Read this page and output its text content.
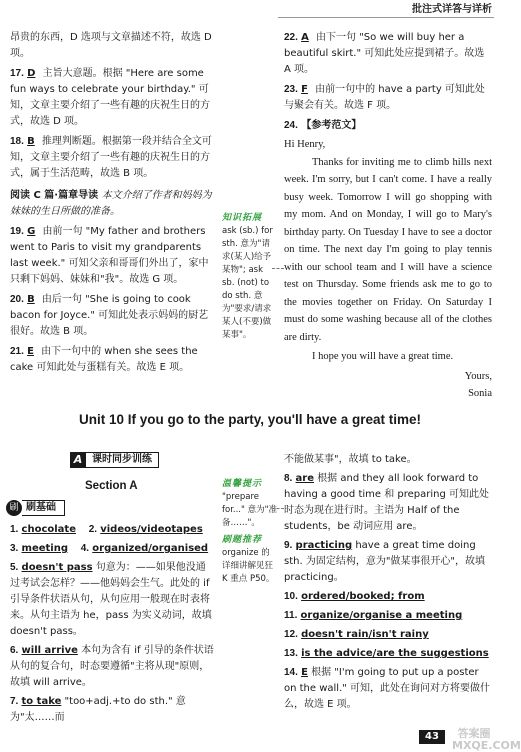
批注式详答与详析
昂贵的东西，D 选项与文章描述不符，故选 D 项。
17. D 主旨大意题。根据 "Here are some fun ways to celebrate your birthday." 可知，文章主要介绍了一些有趣的庆祝生日的方式，故选 D 项。
18. B 推理判断题。根据第一段并结合全文可知，文章主要介绍了一些有趣的庆祝生日的方式，属于生活范畴，故选 B 项。
阅读 C 篇·篇章导读 本文介绍了作者和妈妈为妹妹的生日所做的准备。
19. G 由前一句 "My father and brothers went to Paris to visit my grandparents last week." 可知父亲和哥哥们外出了，家中只剩下妈妈、妹妹和"我"。故选 G 项。
20. B 由后一句 "She is going to cook bacon for Joyce." 可知此处表示妈妈的厨艺很好。故选 B 项。
21. E 由下一句中的 when she sees the cake 可知此处与蛋糕有关。故选 E 项。
知识拓展
ask (sb.) for sth. 意为"请求(某人)给予某物"; ask sb. (not) to do sth. 意为"要求/请求某人(不要)做某事"。
22. A 由下一句 "So we will buy her a beautiful skirt." 可知此处应提到裙子。故选 A 项。
23. F 由前一句中的 have a party 可知此处与聚会有关。故选 F 项。
24. 【参考范文】

Hi Henry,

Thanks for inviting me to climb hills next week. I'm sorry, but I can't come. I have a really busy week. Tomorrow I will go shopping with my mom. And on Monday, I will go to Mary's birthday party. On Tuesday I have to see a doctor on time. The next day I'm going to play tennis with our school team and I will have a science test on Thursday. Some friends ask me to go to the movies together on Friday. On Saturday I must do some washing because all of the clothes are dirty.

I hope you will have a great time.

Yours,

Sonia

Unit 10 If you go to the party, you'll have a great time!
A 课时同步训练
Section A
刷 刷基础
1. chocolate 2. videos/videotapes
3. meeting 4. organized/organised
5. doesn't pass 句意为：——如果他没通过考试会怎样？——他妈妈会生气。此处的 if 引导条件状语从句，从句应用一般现在时表将来。从句主语为 he，pass 为实义动词，故填 doesn't pass。
6. will arrive 本句为含有 if 引导的条件状语从句的复合句，时态要遵循"主将从现"原则，故填 will arrive。
7. to take "too+adj.+to do sth." 意为"太……而
温馨提示
"prepare for..." 意为"准备……"。
刷题推荐
organize 的详细讲解见狂 K 重点 P50。
不能做某事"，故填 to take。
8. are 根据 and they all look forward to having a good time 和 preparing 可知此处时态为现在进行时。主语为 Half of the students，be 动词应用 are。
9. practicing have a great time doing sth. 为固定结构，意为"做某事很开心"，故填 practicing。
10. ordered/booked; from
11. organize/organise a meeting
12. doesn't rain/isn't rainy
13. is the advice/are the suggestions
14. E 根据 "I'm going to put up a poster on the wall." 可知，此处在询问对方将要做什么，故选 E 项。
43	答案圈 MXQE.COM
